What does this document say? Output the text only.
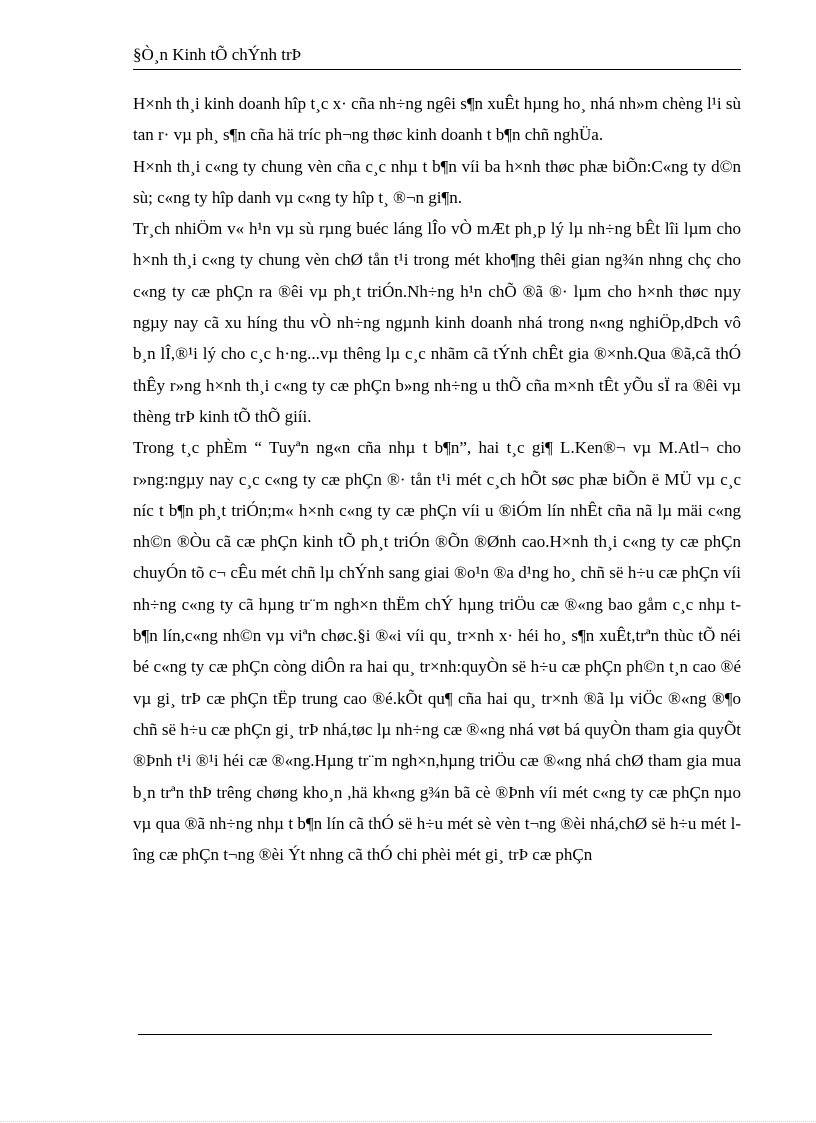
§Ò¸n Kinh tÕ chÝnh trÞ

H×nh th¸i kinh doanh hîp t¸c x· cña nh÷ng ngêi s¶n xuÊt hµng ho¸ nhá nh»m chèng l¹i sù tan r· vµ ph¸ s¶n cña hä tríc ph¬ng thøc kinh doanh t b¶n chñ nghÜa.

H×nh th¸i c«ng ty chung vèn cña c¸c nhµ t b¶n víi ba h×nh thøc phæ biÕn:C«ng ty d©n sù; c«ng ty hîp danh vµ c«ng ty hîp t¸ ®¬n gi¶n.

Tr¸ch nhiÖm v« h¹n vµ sù rµng buéc láng lÎo vÒ mÆt ph¸p lý lµ nh÷ng bÊt lîi lµm cho h×nh th¸i c«ng ty chung vèn chØ tån t¹i trong mét kho¶ng thêi gian ng¾n nhng chç cho c«ng ty cæ phÇn ra ®êi vµ ph¸t triÓn.Nh÷ng h¹n chÕ ®ã ®· lµm cho h×nh thøc nµy ngµy nay cã xu híng thu vÒ nh÷ng ngµnh kinh doanh nhá trong n«ng nghiÖp,dÞch vô b¸n lÎ,®¹i lý cho c¸c h·ng...vµ thêng lµ c¸c nhãm cã tÝnh chÊt gia ®×nh.Qua ®ã,cã thÓ thÊy r»ng h×nh th¸i c«ng ty cæ phÇn b»ng nh÷ng u thÕ cña m×nh tÊt yÕu sÏ ra ®êi vµ thèng trÞ kinh tÕ thÕ giíi.

Trong t¸c phÈm “ Tuyªn ng«n cña nhµ t b¶n”, hai t¸c gi¶ L.Ken®¬ vµ M.Atl¬ cho r»ng:ngµy nay c¸c c«ng ty cæ phÇn ®· tån t¹i mét c¸ch hÕt søc phæ biÕn ë MÜ vµ c¸c níc t b¶n ph¸t triÓn;m« h×nh c«ng ty cæ phÇn víi u ®iÓm lín nhÊt cña nã lµ mäi c«ng nh©n ®Òu cã cæ phÇn kinh tÕ ph¸t triÓn ®Õn ®Ønh cao.H×nh th¸i c«ng ty cæ phÇn chuyÓn tõ c¬ cÊu mét chñ lµ chÝnh sang giai ®o¹n ®a d¹ng ho¸ chñ së h÷u cæ phÇn víi nh÷ng c«ng ty cã hµng tr¨m ngh×n thËm chÝ hµng triÖu cæ ®«ng bao gåm c¸c nhµ t b¶n lín,c«ng nh©n vµ viªn chøc.§i ®«i víi qu¸ tr×nh x· héi ho¸ s¶n xuÊt,trªn thùc tÕ néi bé c«ng ty cæ phÇn còng diÔn ra hai qu¸ tr×nh:quyÒn së h÷u cæ phÇn ph©n t¸n cao ®é vµ gi¸ trÞ cæ phÇn tËp trung cao ®é.kÕt qu¶ cña hai qu¸ tr×nh ®ã lµ viÖc ®«ng ®¶o chñ së h÷u cæ phÇn gi¸ trÞ nhá,tøc lµ nh÷ng cæ ®«ng nhá vøt bá quyÒn tham gia quyÕt ®Þnh t¹i ®¹i héi cæ ®«ng.Hµng tr¨m ngh×n,hµng triÖu cæ ®«ng nhá chØ tham gia mua b¸n trªn thÞ trêng chøng kho¸n ,hä kh«ng g¾n bã cè ®Þnh víi mét c«ng ty cæ phÇn nµo vµ qua ®ã nh÷ng nhµ t b¶n lín cã thÓ së h÷u mét sè vèn t¬ng ®èi nhá,chØ së h÷u mét lîng cæ phÇn t¬ng ®èi Ýt nhng cã thÓ chi phèi mét gi¸ trÞ cæ phÇn
